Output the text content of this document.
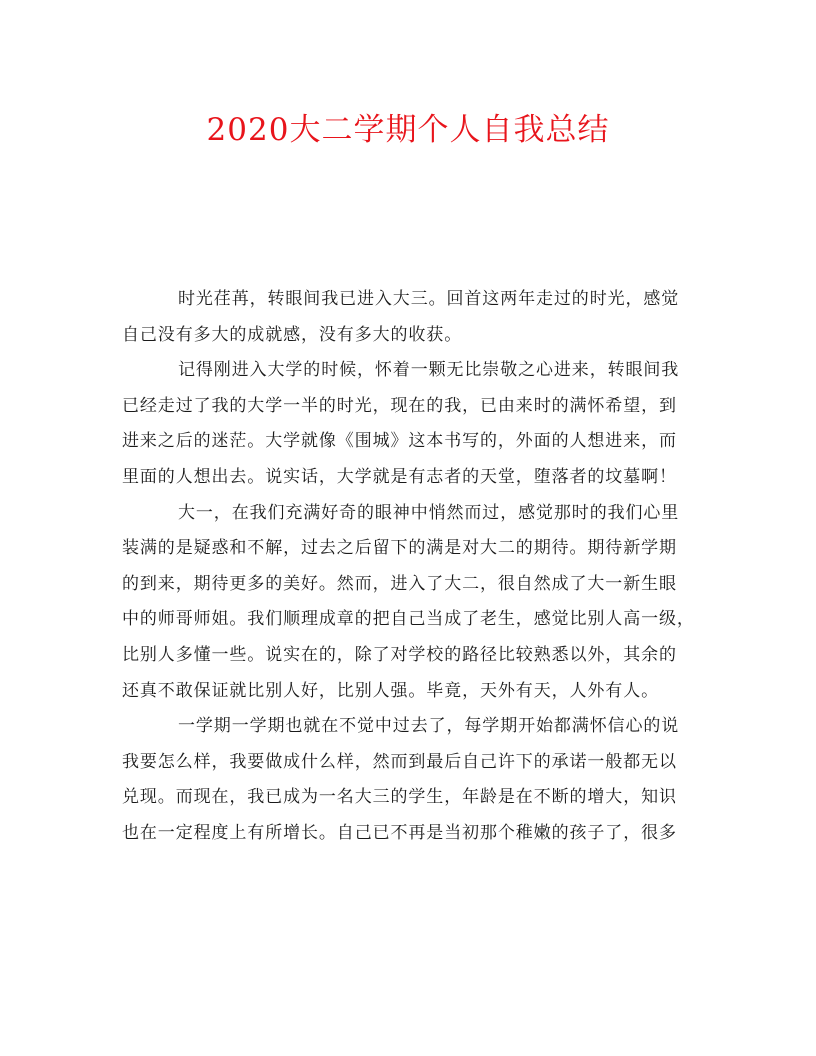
2020大二学期个人自我总结
时光荏苒，转眼间我已进入大三。回首这两年走过的时光，感觉
自己没有多大的成就感，没有多大的收获。
记得刚进入大学的时候，怀着一颗无比崇敬之心进来，转眼间我
已经走过了我的大学一半的时光，现在的我，已由来时的满怀希望，到
进来之后的迷茫。大学就像《围城》这本书写的，外面的人想进来，而
里面的人想出去。说实话，大学就是有志者的天堂，堕落者的坟墓啊！
大一，在我们充满好奇的眼神中悄然而过，感觉那时的我们心里
装满的是疑惑和不解，过去之后留下的满是对大二的期待。期待新学期
的到来，期待更多的美好。然而，进入了大二，很自然成了大一新生眼
中的师哥师姐。我们顺理成章的把自己当成了老生，感觉比别人高一级，
比别人多懂一些。说实在的，除了对学校的路径比较熟悉以外，其余的
还真不敢保证就比别人好，比别人强。毕竟，天外有天，人外有人。
一学期一学期也就在不觉中过去了，每学期开始都满怀信心的说
我要怎么样，我要做成什么样，然而到最后自己许下的承诺一般都无以
兑现。而现在，我已成为一名大三的学生，年龄是在不断的增大，知识
也在一定程度上有所增长。自己已不再是当初那个稚嫩的孩子了，很多
